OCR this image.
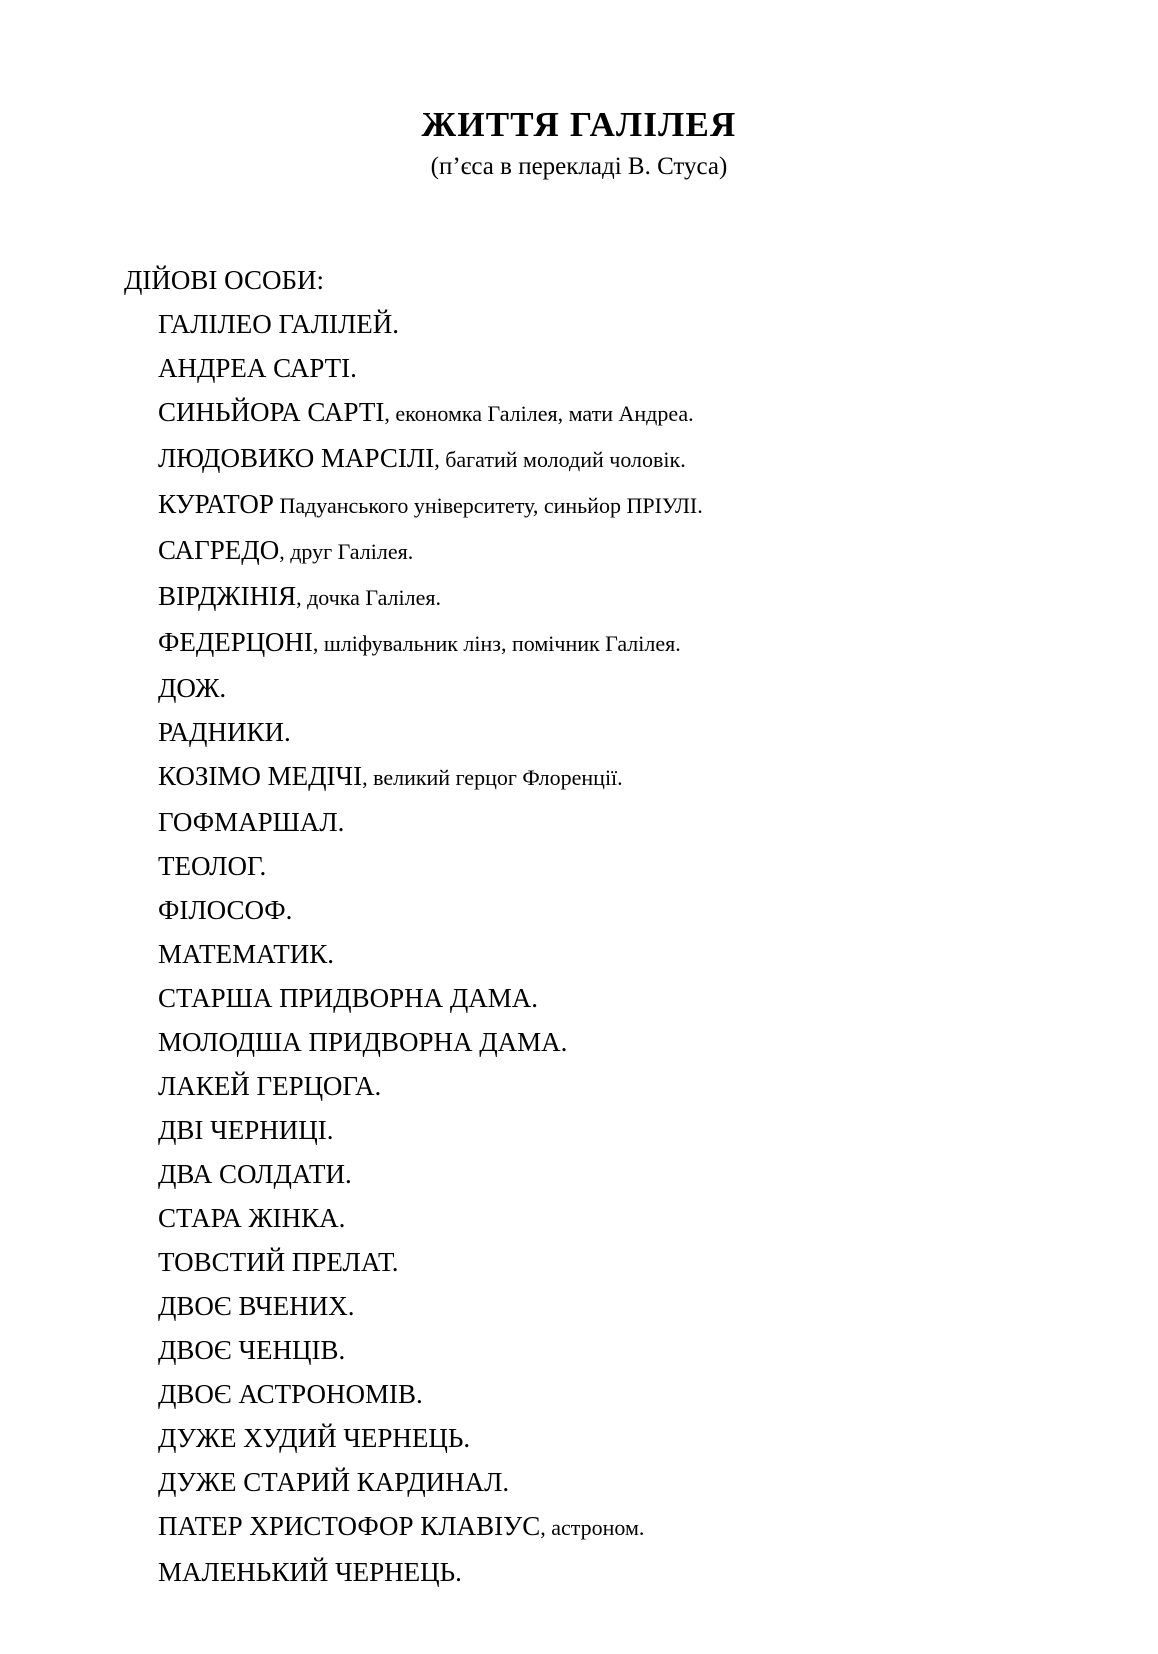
ЖИТТЯ ГАЛІЛЕЯ

(п’єса в перекладі В. Стуса)

ДІЙОВІ ОСОБИ:

ГАЛІЛЕО ГАЛІЛЕЙ.
АНДРЕА САРТІ.
СИНЬЙОРА САРТІ, економка Галілея, мати Андреа.
ЛЮДОВИКО МАРСІЛІ, багатий молодий чоловік.
КУРАТОР Падуанського університету, синьйор ПРІУЛІ.
САГРЕДО, друг Галілея.
ВІРДЖІНІЯ, дочка Галілея.
ФЕДЕРЦОНІ, шліфувальник лінз, помічник Галілея.
ДОЖ.
РАДНИКИ.
КОЗІМО МЕДІЧІ, великий герцог Флоренції.
ГОФМАРШАЛ.
ТЕОЛОГ.
ФІЛОСОФ.
МАТЕМАТИК.
СТАРША ПРИДВОРНА ДАМА.
МОЛОДША ПРИДВОРНА ДАМА.
ЛАКЕЙ ГЕРЦОГА.
ДВІ ЧЕРНИЦІ.
ДВА СОЛДАТИ.
СТАРА ЖІНКА.
ТОВСТИЙ ПРЕЛАТ.
ДВОЄ ВЧЕНИХ.
ДВОЄ ЧЕНЦІВ.
ДВОЄ АСТРОНОМІВ.
ДУЖЕ ХУДИЙ ЧЕРНЕЦЬ.
ДУЖЕ СТАРИЙ КАРДИНАЛ.
ПАТЕР ХРИСТОФОР КЛАВІУС, астроном.
МАЛЕНЬКИЙ ЧЕРНЕЦЬ.
